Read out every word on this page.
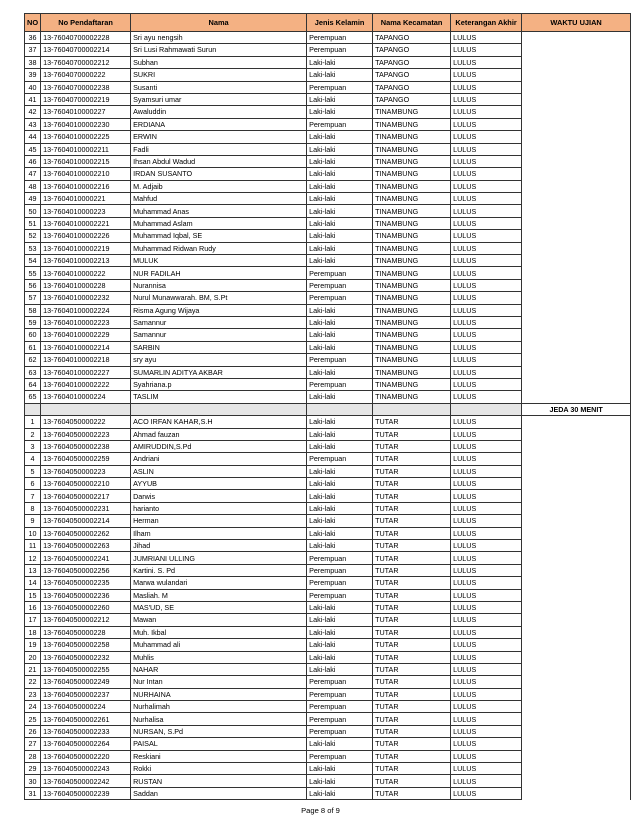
NO	No Pendaftaran	Nama	Jenis Kelamin	Nama Kecamatan	Keterangan Akhir	WAKTU UJIAN
36	13-76040700002228	Sri ayu nengsih	Perempuan	TAPANGO	LULUS	
37	13-76040700002214	Sri Lusi Rahmawati Surun	Perempuan	TAPANGO	LULUS	
38	13-76040700002212	Subhan	Laki-laki	TAPANGO	LULUS	
39	13-7604070000222	SUKRI	Laki-laki	TAPANGO	LULUS	
40	13-76040700002238	Susanti	Perempuan	TAPANGO	LULUS	
41	13-76040700002219	Syamsuri umar	Laki-laki	TAPANGO	LULUS	
42	13-7604010000227	Awaluddin	Laki-laki	TINAMBUNG	LULUS	
43	13-76040100002230	ERDIANA	Perempuan	TINAMBUNG	LULUS	
44	13-76040100002225	ERWIN	Laki-laki	TINAMBUNG	LULUS	
45	13-76040100002211	Fadli	Laki-laki	TINAMBUNG	LULUS	
46	13-76040100002215	Ihsan Abdul Wadud	Laki-laki	TINAMBUNG	LULUS	
47	13-76040100002210	IRDAN SUSANTO	Laki-laki	TINAMBUNG	LULUS	
48	13-76040100002216	M. Adjaib	Laki-laki	TINAMBUNG	LULUS	
49	13-7604010000221	Mahfud	Laki-laki	TINAMBUNG	LULUS	
50	13-7604010000223	Muhammad Anas	Laki-laki	TINAMBUNG	LULUS	
51	13-76040100002221	Muhammad Aslam	Laki-laki	TINAMBUNG	LULUS	
52	13-76040100002226	Muhammad Iqbal, SE	Laki-laki	TINAMBUNG	LULUS	
53	13-76040100002219	Muhammad Ridwan Rudy	Laki-laki	TINAMBUNG	LULUS	
54	13-76040100002213	MULUK	Laki-laki	TINAMBUNG	LULUS	
55	13-7604010000222	NUR FADILAH	Perempuan	TINAMBUNG	LULUS	
56	13-7604010000228	Nurannisa	Perempuan	TINAMBUNG	LULUS	
57	13-76040100002232	Nurul Munawwarah. BM, S.Pt	Perempuan	TINAMBUNG	LULUS	
58	13-76040100002224	Risma Agung Wijaya	Laki-laki	TINAMBUNG	LULUS	
59	13-76040100002223	Samannur	Laki-laki	TINAMBUNG	LULUS	
60	13-76040100002229	Samannur	Laki-laki	TINAMBUNG	LULUS	
61	13-76040100002214	SARBIN	Laki-laki	TINAMBUNG	LULUS	
62	13-76040100002218	sry ayu	Perempuan	TINAMBUNG	LULUS	
63	13-76040100002227	SUMARLIN ADITYA AKBAR	Laki-laki	TINAMBUNG	LULUS	
64	13-76040100002222	Syahriana.p	Perempuan	TINAMBUNG	LULUS	
65	13-7604010000224	TASLIM	Laki-laki	TINAMBUNG	LULUS	
						JEDA 30 MENIT
1	13-7604050000222	ACO IRFAN KAHAR,S.H	Laki-laki	TUTAR	LULUS	
2	13-76040500002223	Ahmad fauzan	Laki-laki	TUTAR	LULUS	
3	13-76040500002238	AMIRUDDIN,S.Pd	Laki-laki	TUTAR	LULUS	
4	13-76040500002259	Andriani	Perempuan	TUTAR	LULUS	
5	13-7604050000223	ASLIN	Laki-laki	TUTAR	LULUS	
6	13-76040500002210	AYYUB	Laki-laki	TUTAR	LULUS	
7	13-76040500002217	Darwis	Laki-laki	TUTAR	LULUS	
8	13-76040500002231	harianto	Laki-laki	TUTAR	LULUS	
9	13-76040500002214	Herman	Laki-laki	TUTAR	LULUS	
10	13-76040500002262	Ilham	Laki-laki	TUTAR	LULUS	
11	13-76040500002263	Jihad	Laki-laki	TUTAR	LULUS	
12	13-76040500002241	JUMRIANI ULLING	Perempuan	TUTAR	LULUS	
13	13-76040500002256	Kartini. S. Pd	Perempuan	TUTAR	LULUS	
14	13-76040500002235	Marwa wulandari	Perempuan	TUTAR	LULUS	
15	13-76040500002236	Masliah. M	Perempuan	TUTAR	LULUS	
16	13-76040500002260	MAS'UD, SE	Laki-laki	TUTAR	LULUS	
17	13-76040500002212	Mawan	Laki-laki	TUTAR	LULUS	
18	13-7604050000228	Muh. Ikbal	Laki-laki	TUTAR	LULUS	
19	13-76040500002258	Muhammad ali	Laki-laki	TUTAR	LULUS	
20	13-76040500002232	Muhlis	Laki-laki	TUTAR	LULUS	
21	13-76040500002255	NAHAR	Laki-laki	TUTAR	LULUS	
22	13-76040500002249	Nur Intan	Perempuan	TUTAR	LULUS	
23	13-76040500002237	NURHAINA	Perempuan	TUTAR	LULUS	
24	13-7604050000224	Nurhalimah	Perempuan	TUTAR	LULUS	
25	13-76040500002261	Nurhalisa	Perempuan	TUTAR	LULUS	
26	13-76040500002233	NURSAN, S.Pd	Perempuan	TUTAR	LULUS	
27	13-76040500002264	PAISAL	Laki-laki	TUTAR	LULUS	
28	13-76040500002220	Reskiani	Perempuan	TUTAR	LULUS	
29	13-76040500002243	Rokki	Laki-laki	TUTAR	LULUS	
30	13-76040500002242	RUSTAN	Laki-laki	TUTAR	LULUS	
31	13-76040500002239	Saddan	Laki-laki	TUTAR	LULUS	
Page 8 of 9
